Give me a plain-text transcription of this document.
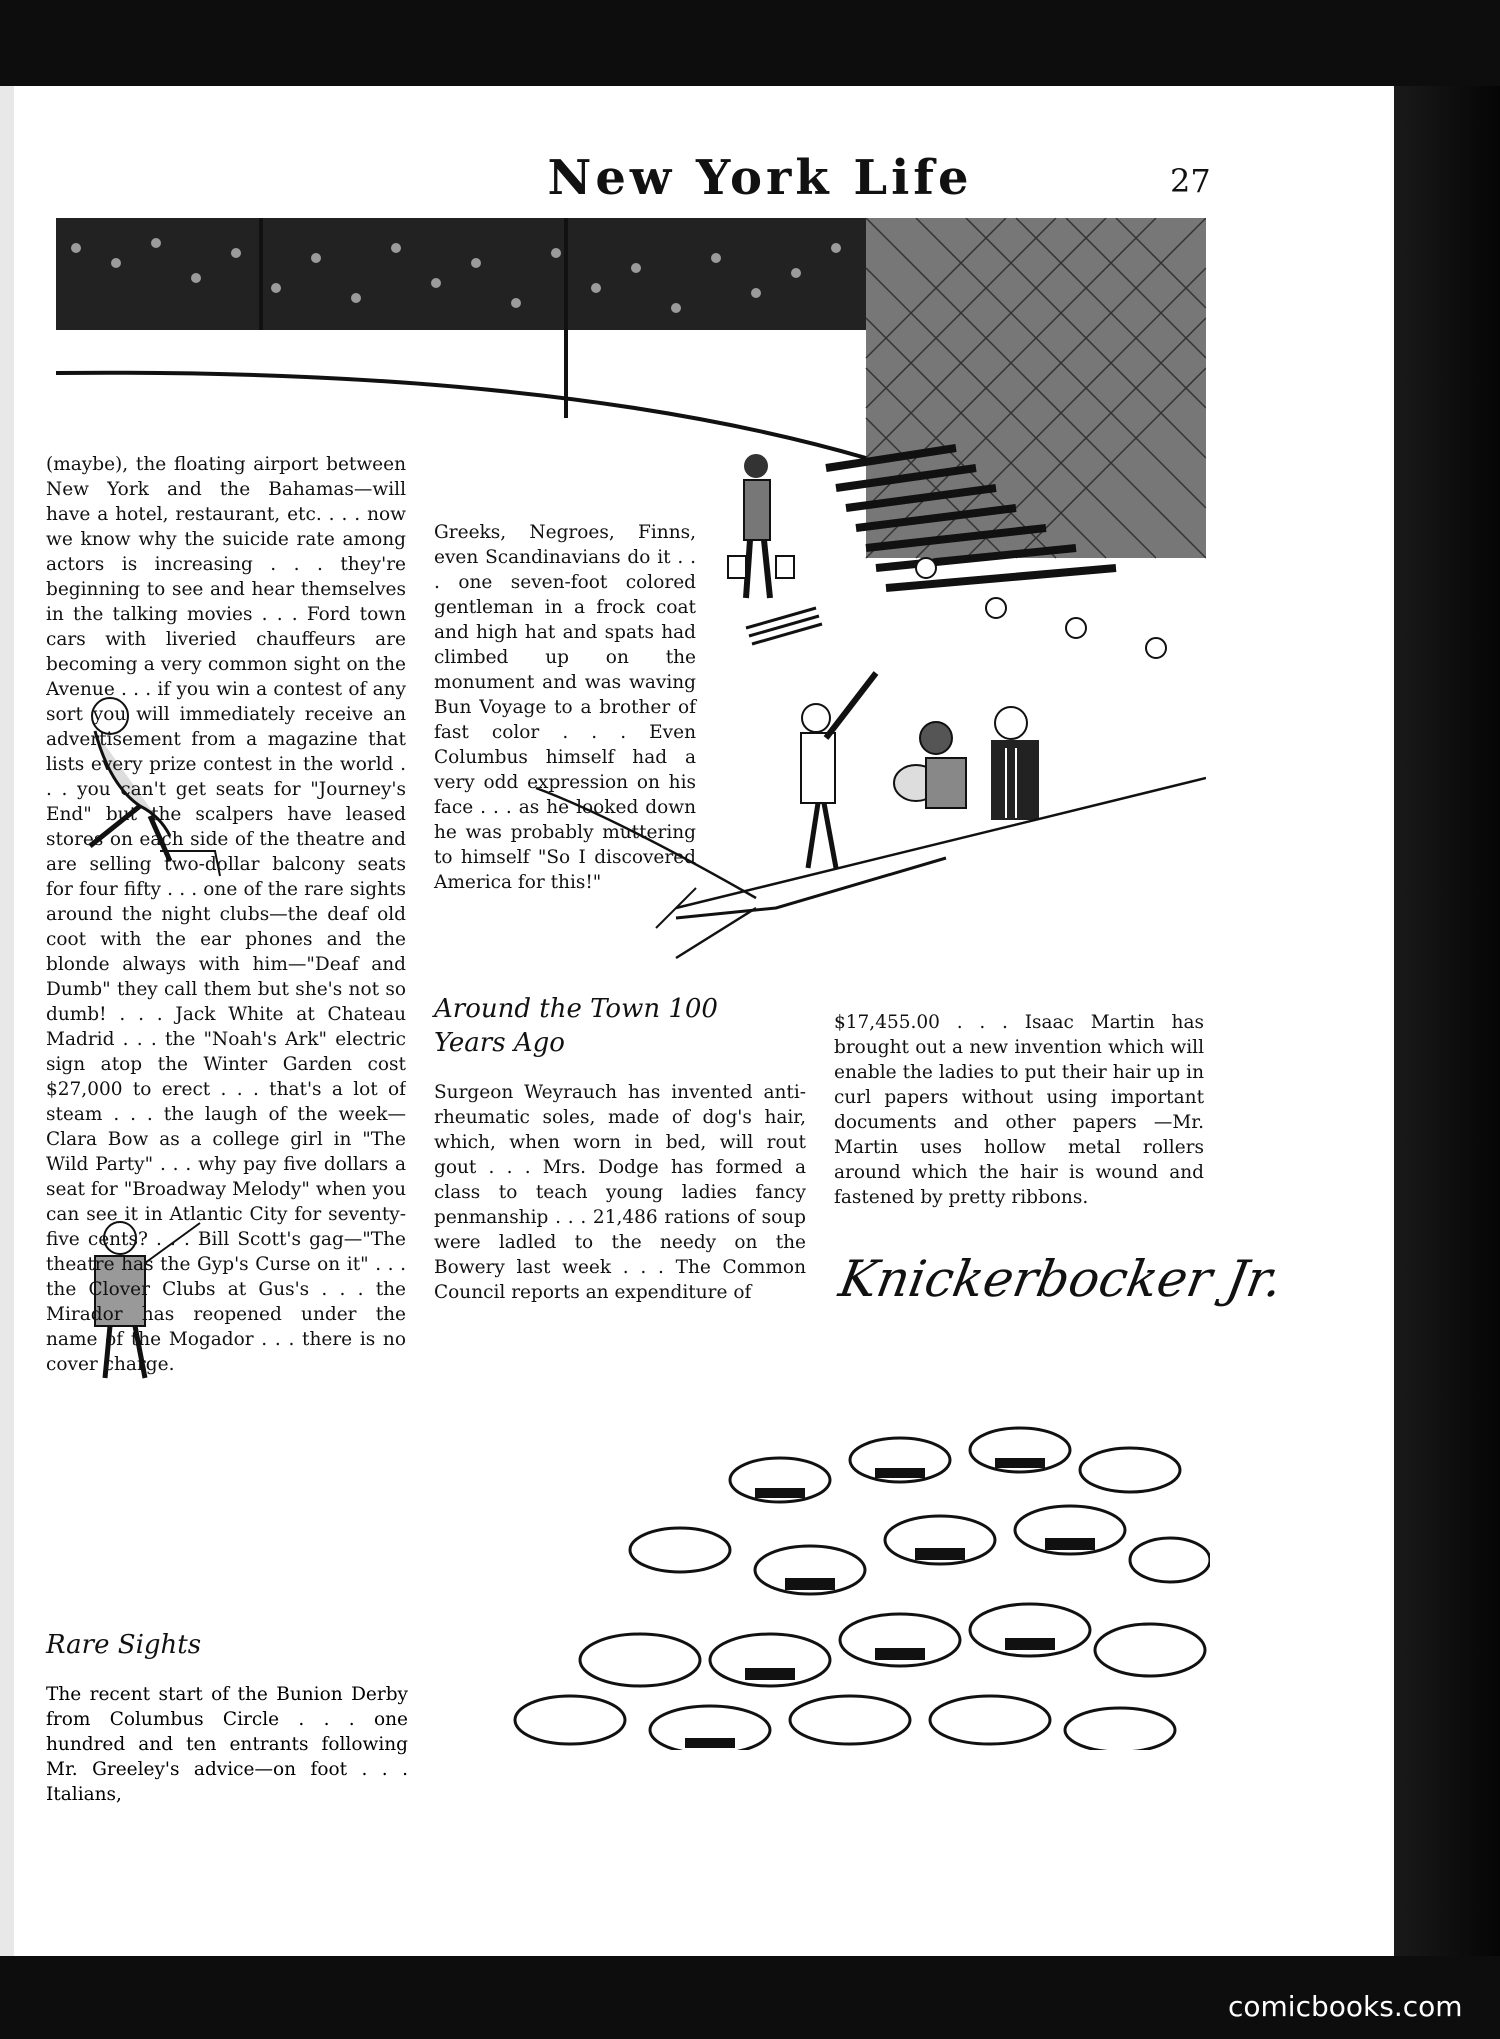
New York Life	27

(maybe), the floating airport between New York and the Bahamas—will have a hotel, restaurant, etc. . . . now we know why the suicide rate among actors is increasing . . . they're beginning to see and hear themselves in the talking movies . . . Ford town cars with liveried chauffeurs are becoming a very common sight on the Avenue . . . if you win a contest of any sort you will immediately receive an advertisement from a magazine that lists every prize contest in the world . . . you can't get seats for "Journey's End" but the scalpers have leased stores on each side of the theatre and are selling two-dollar balcony seats for four fifty . . . one of the rare sights around the night clubs—the deaf old coot with the ear phones and the blonde always with him—"Deaf and Dumb" they call them but she's not so dumb! . . . Jack White at Chateau Madrid . . . the "Noah's Ark" electric sign atop the Winter Garden cost $27,000 to erect . . . that's a lot of steam . . . the laugh of the week—Clara Bow as a college girl in "The Wild Party" . . . why pay five dollars a seat for "Broadway Melody" when you can see it in Atlantic City for seventy-five cents? . . . Bill Scott's gag—"The theatre has the Gyp's Curse on it" . . . the Clover Clubs at Gus's . . . the Mirador has reopened under the name of the Mogador . . . there is no cover charge.

Rare Sights
The recent start of the Bunion Derby from Columbus Circle . . . one hundred and ten entrants following Mr. Greeley's advice—on foot . . . Italians,
Greeks, Negroes, Finns, even Scandinavians do it . . . one seven-foot colored gentleman in a frock coat and high hat and spats had climbed up on the monument and was waving Bun Voyage to a brother of fast color . . . Even Columbus himself had a very odd expression on his face . . . as he looked down he was probably muttering to himself "So I discovered America for this!"
Around the Town 100 Years Ago
Surgeon Weyrauch has invented anti-rheumatic soles, made of dog's hair, which, when worn in bed, will rout gout . . . Mrs. Dodge has formed a class to teach young ladies fancy penmanship . . . 21,486 rations of soup were ladled to the needy on the Bowery last week . . . The Common Council reports an expenditure of
$17,455.00 . . . Isaac Martin has brought out a new invention which will enable the ladies to put their hair up in curl papers without using important documents and other papers —Mr. Martin uses hollow metal rollers around which the hair is wound and fastened by pretty ribbons.
Knickerbocker Jr.
comicbooks.com
